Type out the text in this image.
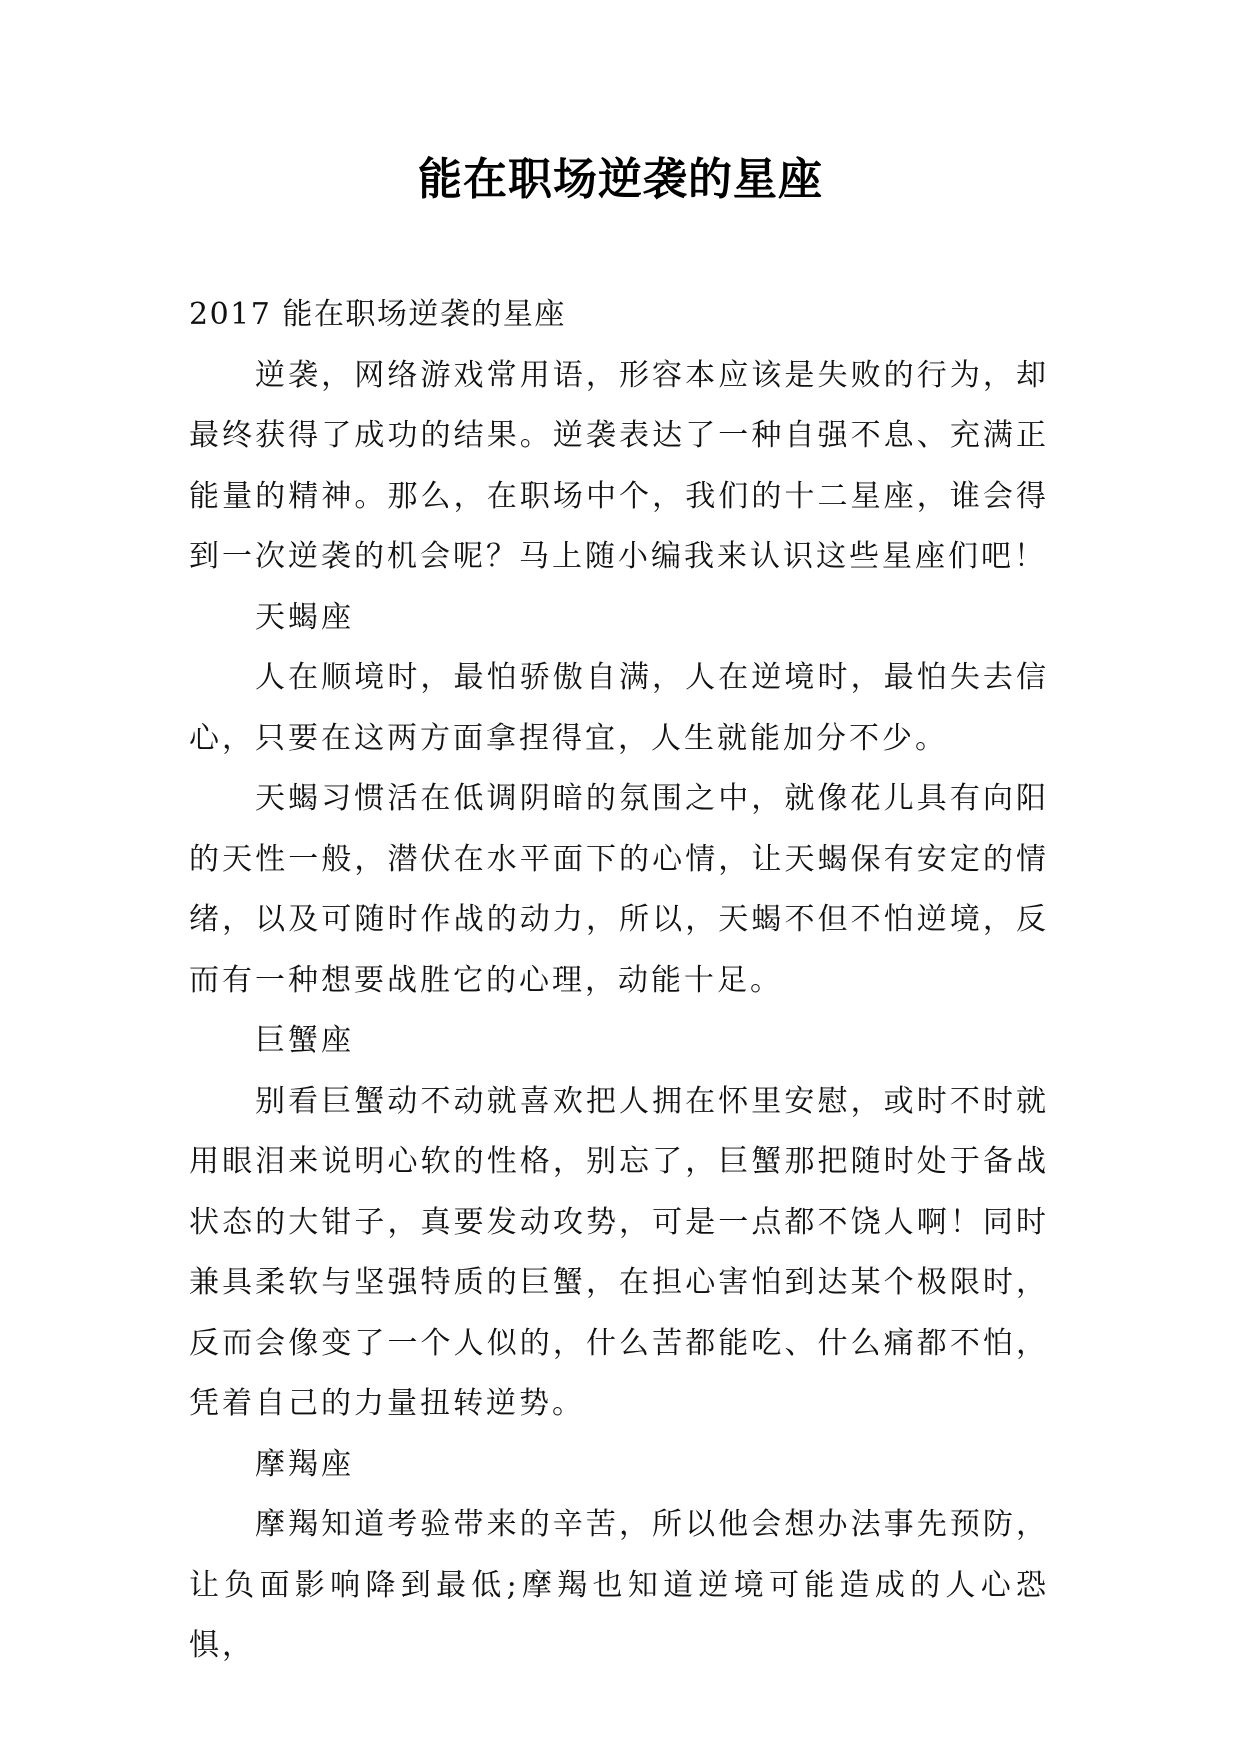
能在职场逆袭的星座

2017 能在职场逆袭的星座

逆袭，网络游戏常用语，形容本应该是失败的行为，却最终获得了成功的结果。逆袭表达了一种自强不息、充满正能量的精神。那么，在职场中个，我们的十二星座，谁会得到一次逆袭的机会呢？马上随小编我来认识这些星座们吧！

天蝎座

人在顺境时，最怕骄傲自满，人在逆境时，最怕失去信心，只要在这两方面拿捏得宜，人生就能加分不少。

天蝎习惯活在低调阴暗的氛围之中，就像花儿具有向阳的天性一般，潜伏在水平面下的心情，让天蝎保有安定的情绪，以及可随时作战的动力，所以，天蝎不但不怕逆境，反而有一种想要战胜它的心理，动能十足。

巨蟹座

别看巨蟹动不动就喜欢把人拥在怀里安慰，或时不时就用眼泪来说明心软的性格，别忘了，巨蟹那把随时处于备战状态的大钳子，真要发动攻势，可是一点都不饶人啊！同时兼具柔软与坚强特质的巨蟹，在担心害怕到达某个极限时，反而会像变了一个人似的，什么苦都能吃、什么痛都不怕，凭着自己的力量扭转逆势。

摩羯座

摩羯知道考验带来的辛苦，所以他会想办法事先预防，让负面影响降到最低;摩羯也知道逆境可能造成的人心恐惧，
